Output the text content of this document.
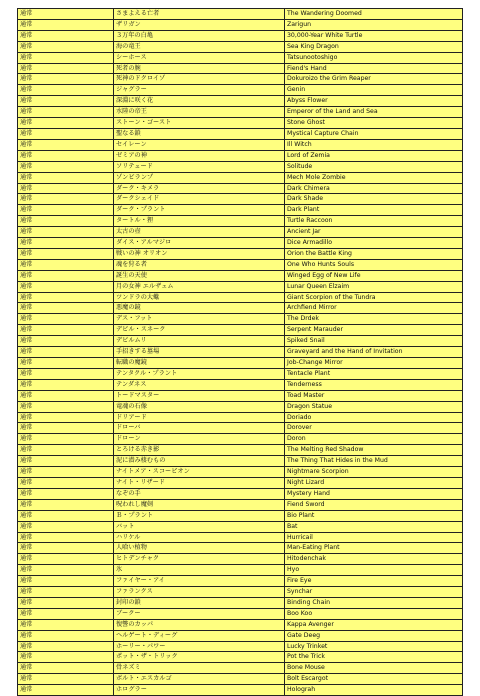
通常	さまよえる亡者	The Wandering Doomed
通常	ザリガン	Zarigun
通常	３万年の白亀	30,000-Year White Turtle
通常	海の竜王	Sea King Dragon
通常	シーホース	Tatsunootoshigo
通常	死者の腕	Fiend's Hand
通常	死神のドクロイゾ	Dokuroizo the Grim Reaper
通常	ジャグラー	Genin
通常	深淵に咲く花	Abyss Flower
通常	水陸の帝王	Emperor of the Land and Sea
通常	ストーン・ゴースト	Stone Ghost
通常	聖なる鎖	Mystical Capture Chain
通常	セイレーン	Ill Witch
通常	ゼミアの神	Lord of Zemia
通常	ソリテュード	Solitude
通常	ゾンビランプ	Mech Mole Zombie
通常	ダーク・キメラ	Dark Chimera
通常	ダークシェイド	Dark Shade
通常	ダーク・プラント	Dark Plant
通常	タートル・狸	Turtle Raccoon
通常	太古の壺	Ancient Jar
通常	ダイス・アルマジロ	Dice Armadillo
通常	戦いの神 オリオン	Orion the Battle King
通常	魂を狩る者	One Who Hunts Souls
通常	誕生の天使	Winged Egg of New Life
通常	月の女神 エルザェム	Lunar Queen Elzaim
通常	ツンドラの大蠍	Giant Scorpion of the Tundra
通常	悪魔の鏡	Archfiend Mirror
通常	デス・フット	The Drdek
通常	デビル・スネーク	Serpent Marauder
通常	デビルムリ	Spiked Snail
通常	手招きする墓場	Graveyard and the Hand of Invitation
通常	転職の魔鏡	Job-Change Mirror
通常	テンタクル・プラント	Tentacle Plant
通常	テンダネス	Tenderness
通常	トードマスター	Toad Master
通常	竜魂の石像	Dragon Statue
通常	ドリアード	Doriado
通常	ドローバ	Dorover
通常	ドローン	Doron
通常	とろける赤き影	The Melting Red Shadow
通常	泥に潜み棲むもの	The Thing That Hides in the Mud
通常	ナイトメア・スコーピオン	Nightmare Scorpion
通常	ナイト・リザード	Night Lizard
通常	なぞの手	Mystery Hand
通常	呪われし魔剣	Fiend Sword
通常	Ｂ・プラント	Bio Plant
通常	バット	Bat
通常	ハリケル	Hurricail
通常	人喰い植物	Man-Eating Plant
通常	ヒトデンチャク	Hitodenchak
通常	氷	Hyo
通常	ファイヤー・アイ	Fire Eye
通常	ファランクス	Synchar
通常	封印の鎖	Binding Chain
通常	ブークー	Boo Koo
通常	復讐のカッパ	Kappa Avenger
通常	ヘルゲート・ディーグ	Gate Deeg
通常	ホーリー・パワー	Lucky Trinket
通常	ポット・ザ・トリック	Pot the Trick
通常	骨ネズミ	Bone Mouse
通常	ボルト・エスカルゴ	Bolt Escargot
通常	ホログラー	Holograh
